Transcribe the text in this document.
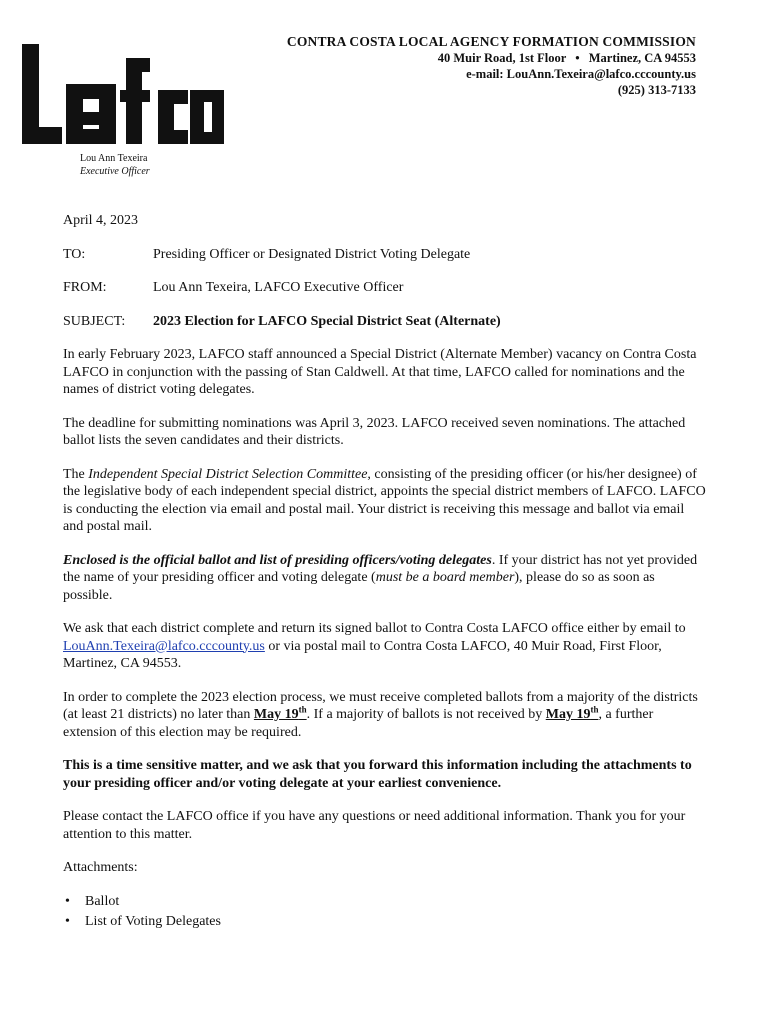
lafco	CONTRA COSTA LOCAL AGENCY FORMATION COMMISSION
40 Muir Road, 1st Floor • Martinez, CA 94553
e-mail: LouAnn.Texeira@lafco.cccounty.us
(925) 313-7133
Lou Ann Texeira
Executive Officer
April 4, 2023
TO:	Presiding Officer or Designated District Voting Delegate
FROM:	Lou Ann Texeira, LAFCO Executive Officer
SUBJECT:	2023 Election for LAFCO Special District Seat (Alternate)

In early February 2023, LAFCO staff announced a Special District (Alternate Member) vacancy on Contra Costa LAFCO in conjunction with the passing of Stan Caldwell. At that time, LAFCO called for nominations and the names of district voting delegates.

The deadline for submitting nominations was April 3, 2023. LAFCO received seven nominations. The attached ballot lists the seven candidates and their districts.

The Independent Special District Selection Committee, consisting of the presiding officer (or his/her designee) of the legislative body of each independent special district, appoints the special district members of LAFCO. LAFCO is conducting the election via email and postal mail. Your district is receiving this message and ballot via email and postal mail.

Enclosed is the official ballot and list of presiding officers/voting delegates. If your district has not yet provided the name of your presiding officer and voting delegate (must be a board member), please do so as soon as possible.

We ask that each district complete and return its signed ballot to Contra Costa LAFCO office either by email to LouAnn.Texeira@lafco.cccounty.us or via postal mail to Contra Costa LAFCO, 40 Muir Road, First Floor, Martinez, CA 94553.

In order to complete the 2023 election process, we must receive completed ballots from a majority of the districts (at least 21 districts) no later than May 19th. If a majority of ballots is not received by May 19th, a further extension of this election may be required.

This is a time sensitive matter, and we ask that you forward this information including the attachments to your presiding officer and/or voting delegate at your earliest convenience.

Please contact the LAFCO office if you have any questions or need additional information. Thank you for your attention to this matter.

Attachments:

• Ballot
• List of Voting Delegates
